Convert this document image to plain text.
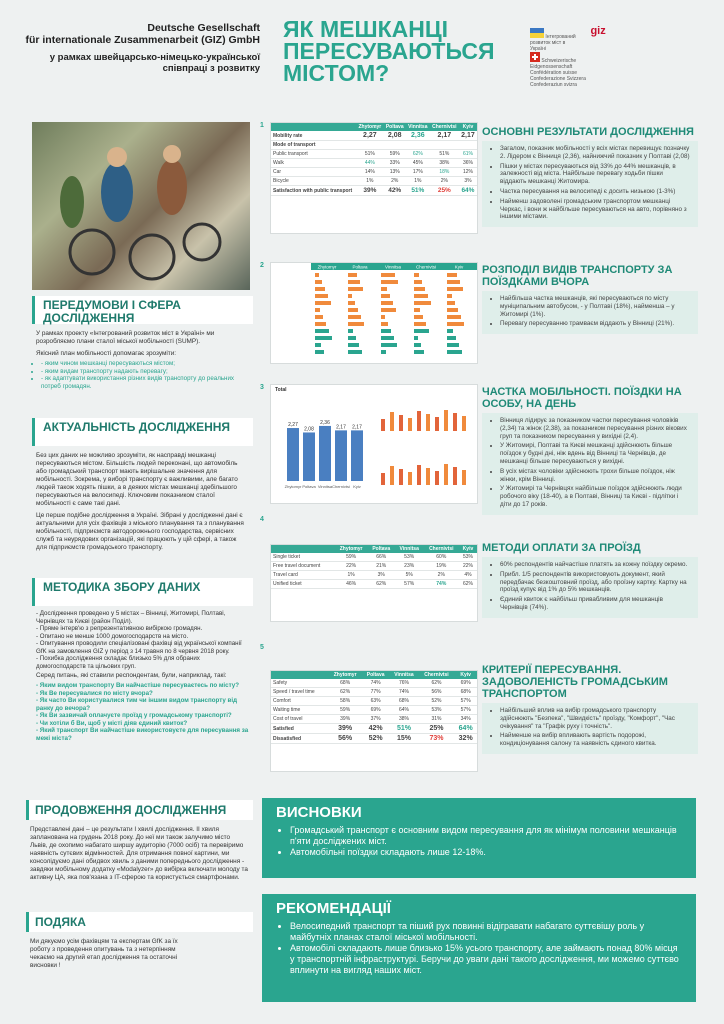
Deutsche Gesellschaft
für internationale Zusammenarbeit (GIZ) GmbH
у рамках швейцарсько-німецько-української співпраці з розвитку
ЯК МЕШКАНЦІ ПЕРЕСУВАЮТЬСЯ МІСТОМ?
Інтегрований розвиток міст в Україні giz  Schweizerische Eidgenossenschaft Confédération suisse Confederazione Svizzera Confederaziun svizra
ПЕРЕДУМОВИ І СФЕРА ДОСЛІДЖЕННЯ
У рамках проекту «Інтегрований розвиток міст в Україні» ми розробляємо плани сталої міської мобільності (SUMP).
Якісний план мобільності допомагає зрозуміти:
• - яким чином мешканці пересуваються містом;
• - яким видам транспорту надають перевагу;
• - як адаптувати використання різних видів транспорту до реальних потреб громадян.
АКТУАЛЬНІСТЬ ДОСЛІДЖЕННЯ
Без цих даних не можливо зрозуміти, як насправді мешканці пересуваються містом. Більшість людей переконані, що автомобіль або громадський транспорт мають вирішальне значення для мобільності. Зокрема, у виборі транспорту є важливими, але багато людей також ходять пішки, а в деяких містах мешканці здебільшого пересуваються на велосипеді. Ключовим показником сталої мобільності є саме такі дані.
Це перше подібне дослідження в Україні. Зібрані у дослідженні дані є актуальними для усіх фахівців з міського планування та з планування мобільності, підприємств автодорожнього господарства, сервісних служб та неурядових організацій, які працюють у цій сфері, а також для підприємств громадського транспорту.
МЕТОДИКА ЗБОРУ ДАНИХ
- Дослідження проведено у 5 містах – Вінниці, Житомирі, Полтаві, Чернівцях та Києві (район Поділ).
- Пряме інтерв'ю з репрезентативною вибіркою громадян.
- Опитано не менше 1000 домогосподарств на місто.
- Опитування проводили спеціалізовані фахівці від української компанії GfK на замовлення GIZ у період з 14 травня по 8 червня 2018 року.
- Похибка дослідження складає близько 5% для обраних домогосподарств та цільових груп.
Серед питань, які ставили респондентам, були, наприклад, такі:
- Яким видом транспорту Ви найчастіше пересуваєтесь по місту?
- Як Ве пересувалися по місту вчора?
- Як часто Ви користувалися тим чи іншим видом транспорту від ранку до вечора?
- Як Ви зазвичай оплачуєте проїзд у громадському транспорті?
- Чи хотіли б Ви, щоб у місті діяв єдиний квиток?
- Який транспорт Ви найчастіше використовуєте для пересування за межі міста?
ПРОДОВЖЕННЯ ДОСЛІДЖЕННЯ
Представлені дані – це результати I хвилі дослідження. II хвиля запланована на грудень 2018 року. До неї ми також залучимо місто Львів, де охопимо набагато ширшу аудиторію (7000 осіб) та перевіримо наявність сутєвих відмінностей. Для отримання повної картини, ми консолідуємо дані обидвох хвиль з даними попереднього дослідження - завдяки мобільному додатку «Modalyzer» до вибірка включати молоду та активну ЦА, яка пов'язана з IT-сферою та користується смартфонами.
ПОДЯКА
Ми дякуємо усім фахівцям та експертам GfK за їх роботу з проведення опитувань та з нетерпінням чекаємо на другий етап дослідження та остаточні висновки !
1
2
3
4
5
	Zhytomyr	Poltava	Vinnitsa	Chernivtsi	Kyiv
Mobility rate	2,27	2,08	2,36	2,17	2,17
Mode of transport					
Public transport	51%	59%	62%	51%	61%
Walk	44%	33%	45%	38%	36%
Car	14%	13%	17%	18%	12%
Bicycle	1%	2%	1%	2%	3%
Satisfaction with public transport	39%	42%	51%	25%	64%
Zhytomyr	Poltava	Vinnitsa	Chernivtsi	Kyiv
Total
2,27
Zhytomyr
2,08
Poltava
2,36
Vinnitsa
2,17
Chernivtsi
2,17
Kyiv
	Zhytomyr	Poltava	Vinnitsa	Chernivtsi	Kyiv
Single ticket	59%	66%	53%	60%	53%
Free travel document	22%	21%	23%	19%	22%
Travel card	1%	3%	5%	2%	4%
Unified ticket	46%	62%	57%	74%	62%
	Zhytomyr	Poltava	Vinnitsa	Chernivtsi	Kyiv
Safety	68%	74%	76%	62%	69%
Speed / travel time	62%	77%	74%	56%	68%
Comfort	58%	63%	68%	52%	57%
Waiting time	59%	69%	64%	53%	57%
Cost of travel	39%	37%	38%	31%	34%
Satisfied	39%	42%	51%	25%	64%
Dissatisfied	56%	52%	15%	73%	32%
ОСНОВНІ РЕЗУЛЬТАТИ ДОСЛІДЖЕННЯ
• Загалом, показник мобільності у всіх містах перевищує позначку 2. Лідером є Вінниця (2,36), найнижчий показник у Полтаві (2,08)
• Пішки у містах пересуваються від 33% до 44% мешканців, в залежності від міста. Найбільше перевагу ходьби пішки віддають мешканці Житомира.
• Частка пересування на велосипеді є досить низькою (1-3%)
• Найменш задоволені громадським транспортом мешканці Черкас, і вони ж найбільше пересуваються на авто, порівняно з іншими містами.
РОЗПОДІЛ ВИДІВ ТРАНСПОРТУ ЗА ПОЇЗДКАМИ ВЧОРА
• Найбільша частка мешканців, які пересуваються по місту муніципальним автобусом, - у Полтаві (18%), найменша – у Житомирі (1%).
• Перевагу пересуванню трамваєм віддають у Вінниці (21%).
ЧАСТКА МОБІЛЬНОСТІ. ПОЇЗДКИ НА ОСОБУ, НА ДЕНЬ
• Вінниця лідирує за показником частки пересування чоловіків (2,34) та жінок (2,38), за показником пересування різних вікових груп та показником пересування у вихідні (2,4).
• У Житомирі, Полтаві та Києві мешканці здійснюють більше поїздок у будні дні, ніж вдень від Вінниці та Чернівців, де мешканці більше пересуваються у вихідні.
• В усіх містах чоловіки здійснюють трохи більше поїздок, ніж жінки, крім Вінниці.
• У Житомирі та Чернівцях найбільше поїздок здійснюють люди робочого віку (18-40), а в Полтаві, Вінниці та Києві - підлітки і діти до 17 років.
МЕТОДИ ОПЛАТИ ЗА ПРОЇЗД
• 60% респондентів найчастіше платять за кожну поїздку окремо.
• Прибл. 1/5 респондентів використовують документ, який передбачає безкоштовний проїзд, або проїзну картку. Картку на проїзд купує від 1% до 5% мешканців.
• Єдиний квиток є найбільш привабливим для мешканців Чернівців (74%).
КРИТЕРІЇ ПЕРЕСУВАННЯ. ЗАДОВОЛЕНІСТЬ ГРОМАДСЬКИМ ТРАНСПОРТОМ
• Найбільший вплив на вибір громадського транспорту здійснюють "Безпека", "Швидкість" проїзду, "Комфорт", "Час очікування" та "Графік руху і точність".
• Найменше на вибір впливають вартість подорожі, кондиціонування салону та наявність єдиного квитка.
ВИСНОВКИ
• Громадський транспорт є основним видом пересування для як мінімум половини мешканців п'яти досліджених міст.
• Автомобільні поїздки складають лише 12-18%.
РЕКОМЕНДАЦІЇ
• Велосипедний транспорт та піший рух повинні відігравати набагато суттєвішу роль у майбутніх планах сталої міської мобільності.
• Автомобілі складають лише близько 15% усього транспорту, але займають понад 80% місця у транспортній інфраструктурі. Беручи до уваги дані такого дослідження, ми можемо суттєво вплинути на вигляд наших міст.
